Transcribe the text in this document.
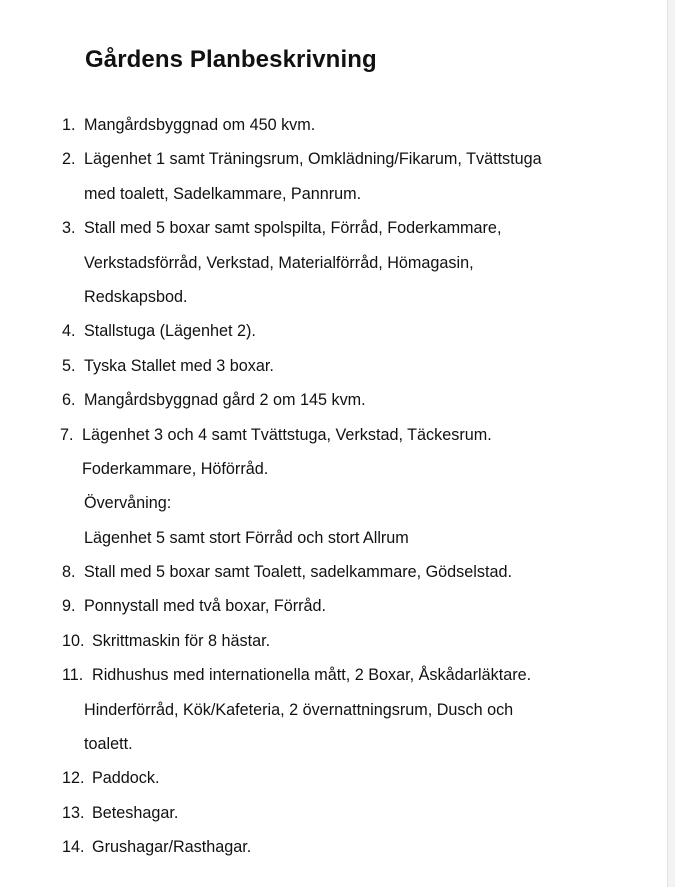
Gårdens Planbeskrivning
1. Mangårdsbyggnad om 450 kvm.
2. Lägenhet 1 samt Träningsrum, Omklädning/Fikarum, Tvättstuga
med toalett, Sadelkammare, Pannrum.
3. Stall med 5 boxar samt spolspilta, Förråd, Foderkammare,
Verkstadsförråd, Verkstad, Materialförråd, Hömagasin,
Redskapsbod.
4. Stallstuga (Lägenhet 2).
5. Tyska Stallet med 3 boxar.
6. Mangårdsbyggnad gård 2 om 145 kvm.
7. Lägenhet 3 och 4 samt Tvättstuga, Verkstad, Täckesrum.
Foderkammare, Höförråd.
Övervåning:
Lägenhet 5 samt stort Förråd och stort Allrum
8. Stall med 5 boxar samt Toalett, sadelkammare, Gödselstad.
9. Ponnystall med två boxar, Förråd.
10. Skrittmaskin för 8 hästar.
11. Ridhushus med internationella mått, 2 Boxar, Åskådarläktare.
Hinderförråd, Kök/Kafeteria, 2 övernattningsrum, Dusch och
toalett.
12. Paddock.
13. Beteshagar.
14. Grushagar/Rasthagar.
